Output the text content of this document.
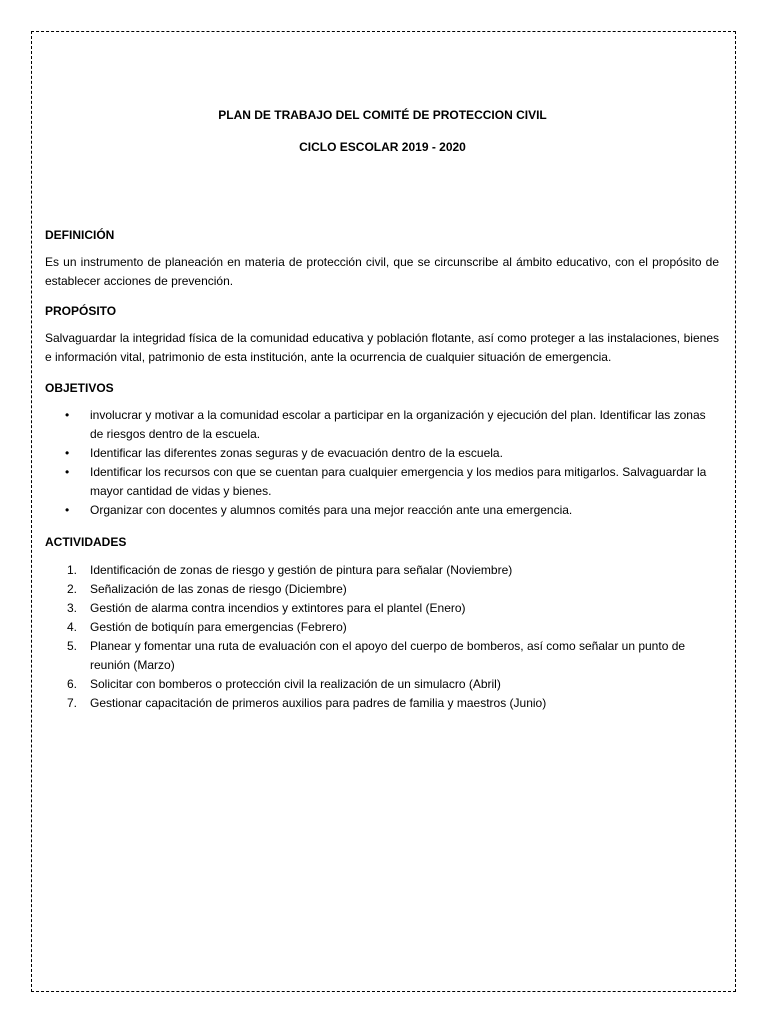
PLAN DE TRABAJO DEL COMITÉ DE PROTECCION CIVIL
CICLO ESCOLAR 2019 - 2020
DEFINICIÓN
Es un instrumento de planeación en materia de protección civil, que se circunscribe al ámbito educativo, con el propósito de establecer acciones de prevención.
PROPÓSITO
Salvaguardar la integridad física de la comunidad educativa y población flotante, así como proteger a las instalaciones, bienes e información vital, patrimonio de esta institución, ante la ocurrencia de cualquier situación de emergencia.
OBJETIVOS
• involucrar y motivar a la comunidad escolar a participar en la organización y ejecución del plan. Identificar las zonas de riesgos dentro de la escuela.
• Identificar las diferentes zonas seguras y de evacuación dentro de la escuela.
• Identificar los recursos con que se cuentan para cualquier emergencia y los medios para mitigarlos. Salvaguardar la mayor cantidad de vidas y bienes.
• Organizar con docentes y alumnos comités para una mejor reacción ante una emergencia.
ACTIVIDADES
1. Identificación de zonas de riesgo y gestión de pintura para señalar (Noviembre)
2. Señalización de las zonas de riesgo (Diciembre)
3. Gestión de alarma contra incendios y extintores para el plantel (Enero)
4. Gestión de botiquín para emergencias (Febrero)
5. Planear y fomentar una ruta de evaluación con el apoyo del cuerpo de bomberos, así como señalar un punto de reunión (Marzo)
6. Solicitar con bomberos o protección civil la realización de un simulacro (Abril)
7. Gestionar capacitación de primeros auxilios para padres de familia y maestros (Junio)
